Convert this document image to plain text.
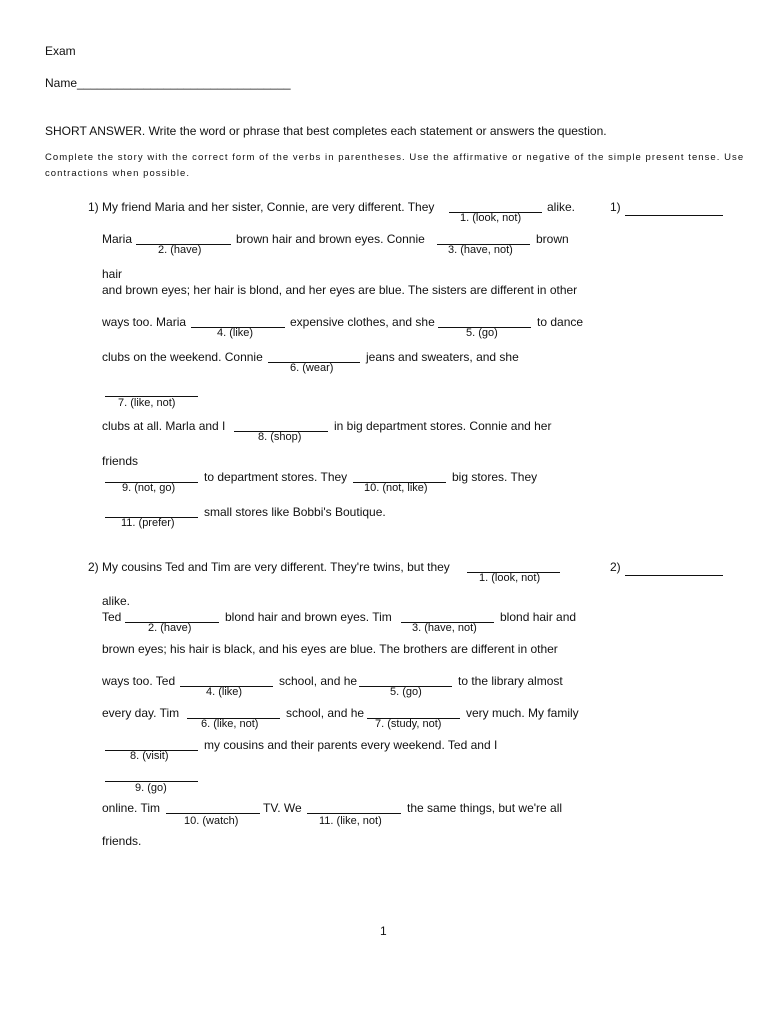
Exam
Name________________________________
SHORT ANSWER. Write the word or phrase that best completes each statement or answers the question.
Complete the story with the correct form of the verbs in parentheses. Use the affirmative or negative of the simple present tense. Use
contractions when possible.
1) My friend Maria and her sister, Connie, are very different. They	alike.
1. (look, not)
1)
Maria	brown hair and brown eyes. Connie	brown
2. (have)	3. (have, not)
hair
and brown eyes; her hair is blond, and her eyes are blue. The sisters are different in other
ways too. Maria	expensive clothes, and she	to dance
4. (like)	5. (go)
clubs on the weekend. Connie	jeans and sweaters, and she
6. (wear)
7. (like, not)
clubs at all. Marla and I	in big department stores. Connie and her
8. (shop)
friends
to department stores. They	big stores. They
9. (not, go)	10. (not, like)
small stores like Bobbi's Boutique.
11. (prefer)
2) My cousins Ted and Tim are very different. They're twins, but they
1. (look, not)
2)
alike.
Ted	blond hair and brown eyes. Tim	blond hair and
2. (have)	3. (have, not)
brown eyes; his hair is black, and his eyes are blue. The brothers are different in other
ways too. Ted	school, and he	to the library almost
4. (like)	5. (go)
every day. Tim	school, and he	very much. My family
6. (like, not)	7. (study, not)
my cousins and their parents every weekend. Ted and I
8. (visit)
9. (go)
online. Tim	TV. We	the same things, but we're all
10. (watch)	11. (like, not)
friends.
1
